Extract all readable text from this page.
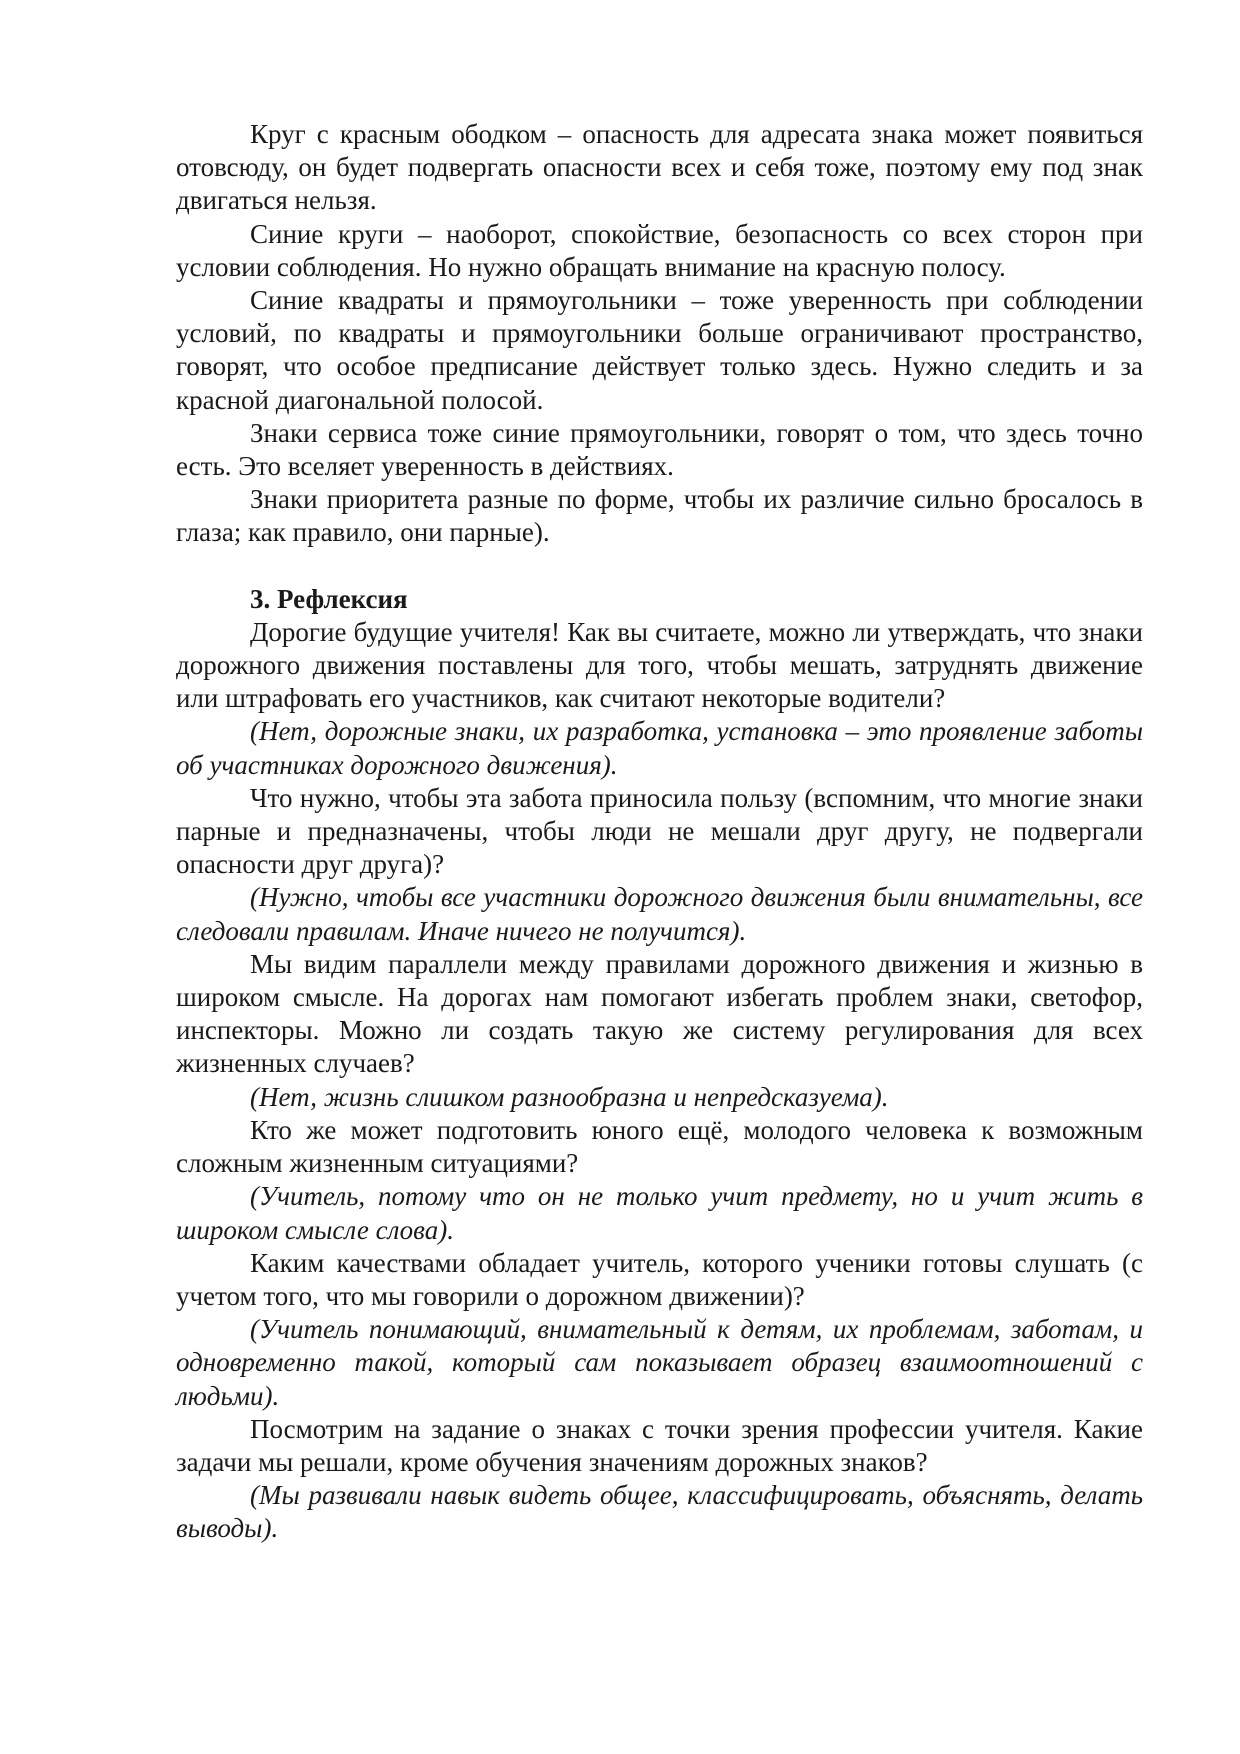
Круг с красным ободком – опасность для адресата знака может появиться отовсюду, он будет подвергать опасности всех и себя тоже, поэтому ему под знак двигаться нельзя.

Синие круги – наоборот, спокойствие, безопасность со всех сторон при условии соблюдения. Но нужно обращать внимание на красную полосу.

Синие квадраты и прямоугольники – тоже уверенность при соблюдении условий, по квадраты и прямоугольники больше ограничивают пространство, говорят, что особое предписание действует только здесь. Нужно следить и за красной диагональной полосой.

Знаки сервиса тоже синие прямоугольники, говорят о том, что здесь точно есть. Это вселяет уверенность в действиях.

Знаки приоритета разные по форме, чтобы их различие сильно бросалось в глаза; как правило, они парные).

3. Рефлексия

Дорогие будущие учителя! Как вы считаете, можно ли утверждать, что знаки дорожного движения поставлены для того, чтобы мешать, затруднять движение или штрафовать его участников, как считают некоторые водители?

(Нет, дорожные знаки, их разработка, установка – это проявление заботы об участниках дорожного движения).

Что нужно, чтобы эта забота приносила пользу (вспомним, что многие знаки парные и предназначены, чтобы люди не мешали друг другу, не подвергали опасности друг друга)?

(Нужно, чтобы все участники дорожного движения были внимательны, все следовали правилам. Иначе ничего не получится).

Мы видим параллели между правилами дорожного движения и жизнью в широком смысле. На дорогах нам помогают избегать проблем знаки, светофор, инспекторы. Можно ли создать такую же систему регулирования для всех жизненных случаев?

(Нет, жизнь слишком разнообразна и непредсказуема).

Кто же может подготовить юного ещё, молодого человека к возможным сложным жизненным ситуациями?

(Учитель, потому что он не только учит предмету, но и учит жить в широком смысле слова).

Каким качествами обладает учитель, которого ученики готовы слушать (с учетом того, что мы говорили о дорожном движении)?

(Учитель понимающий, внимательный к детям, их проблемам, заботам, и одновременно такой, который сам показывает образец взаимоотношений с людьми).

Посмотрим на задание о знаках с точки зрения профессии учителя. Какие задачи мы решали, кроме обучения значениям дорожных знаков?

(Мы развивали навык видеть общее, классифицировать, объяснять, делать выводы).
